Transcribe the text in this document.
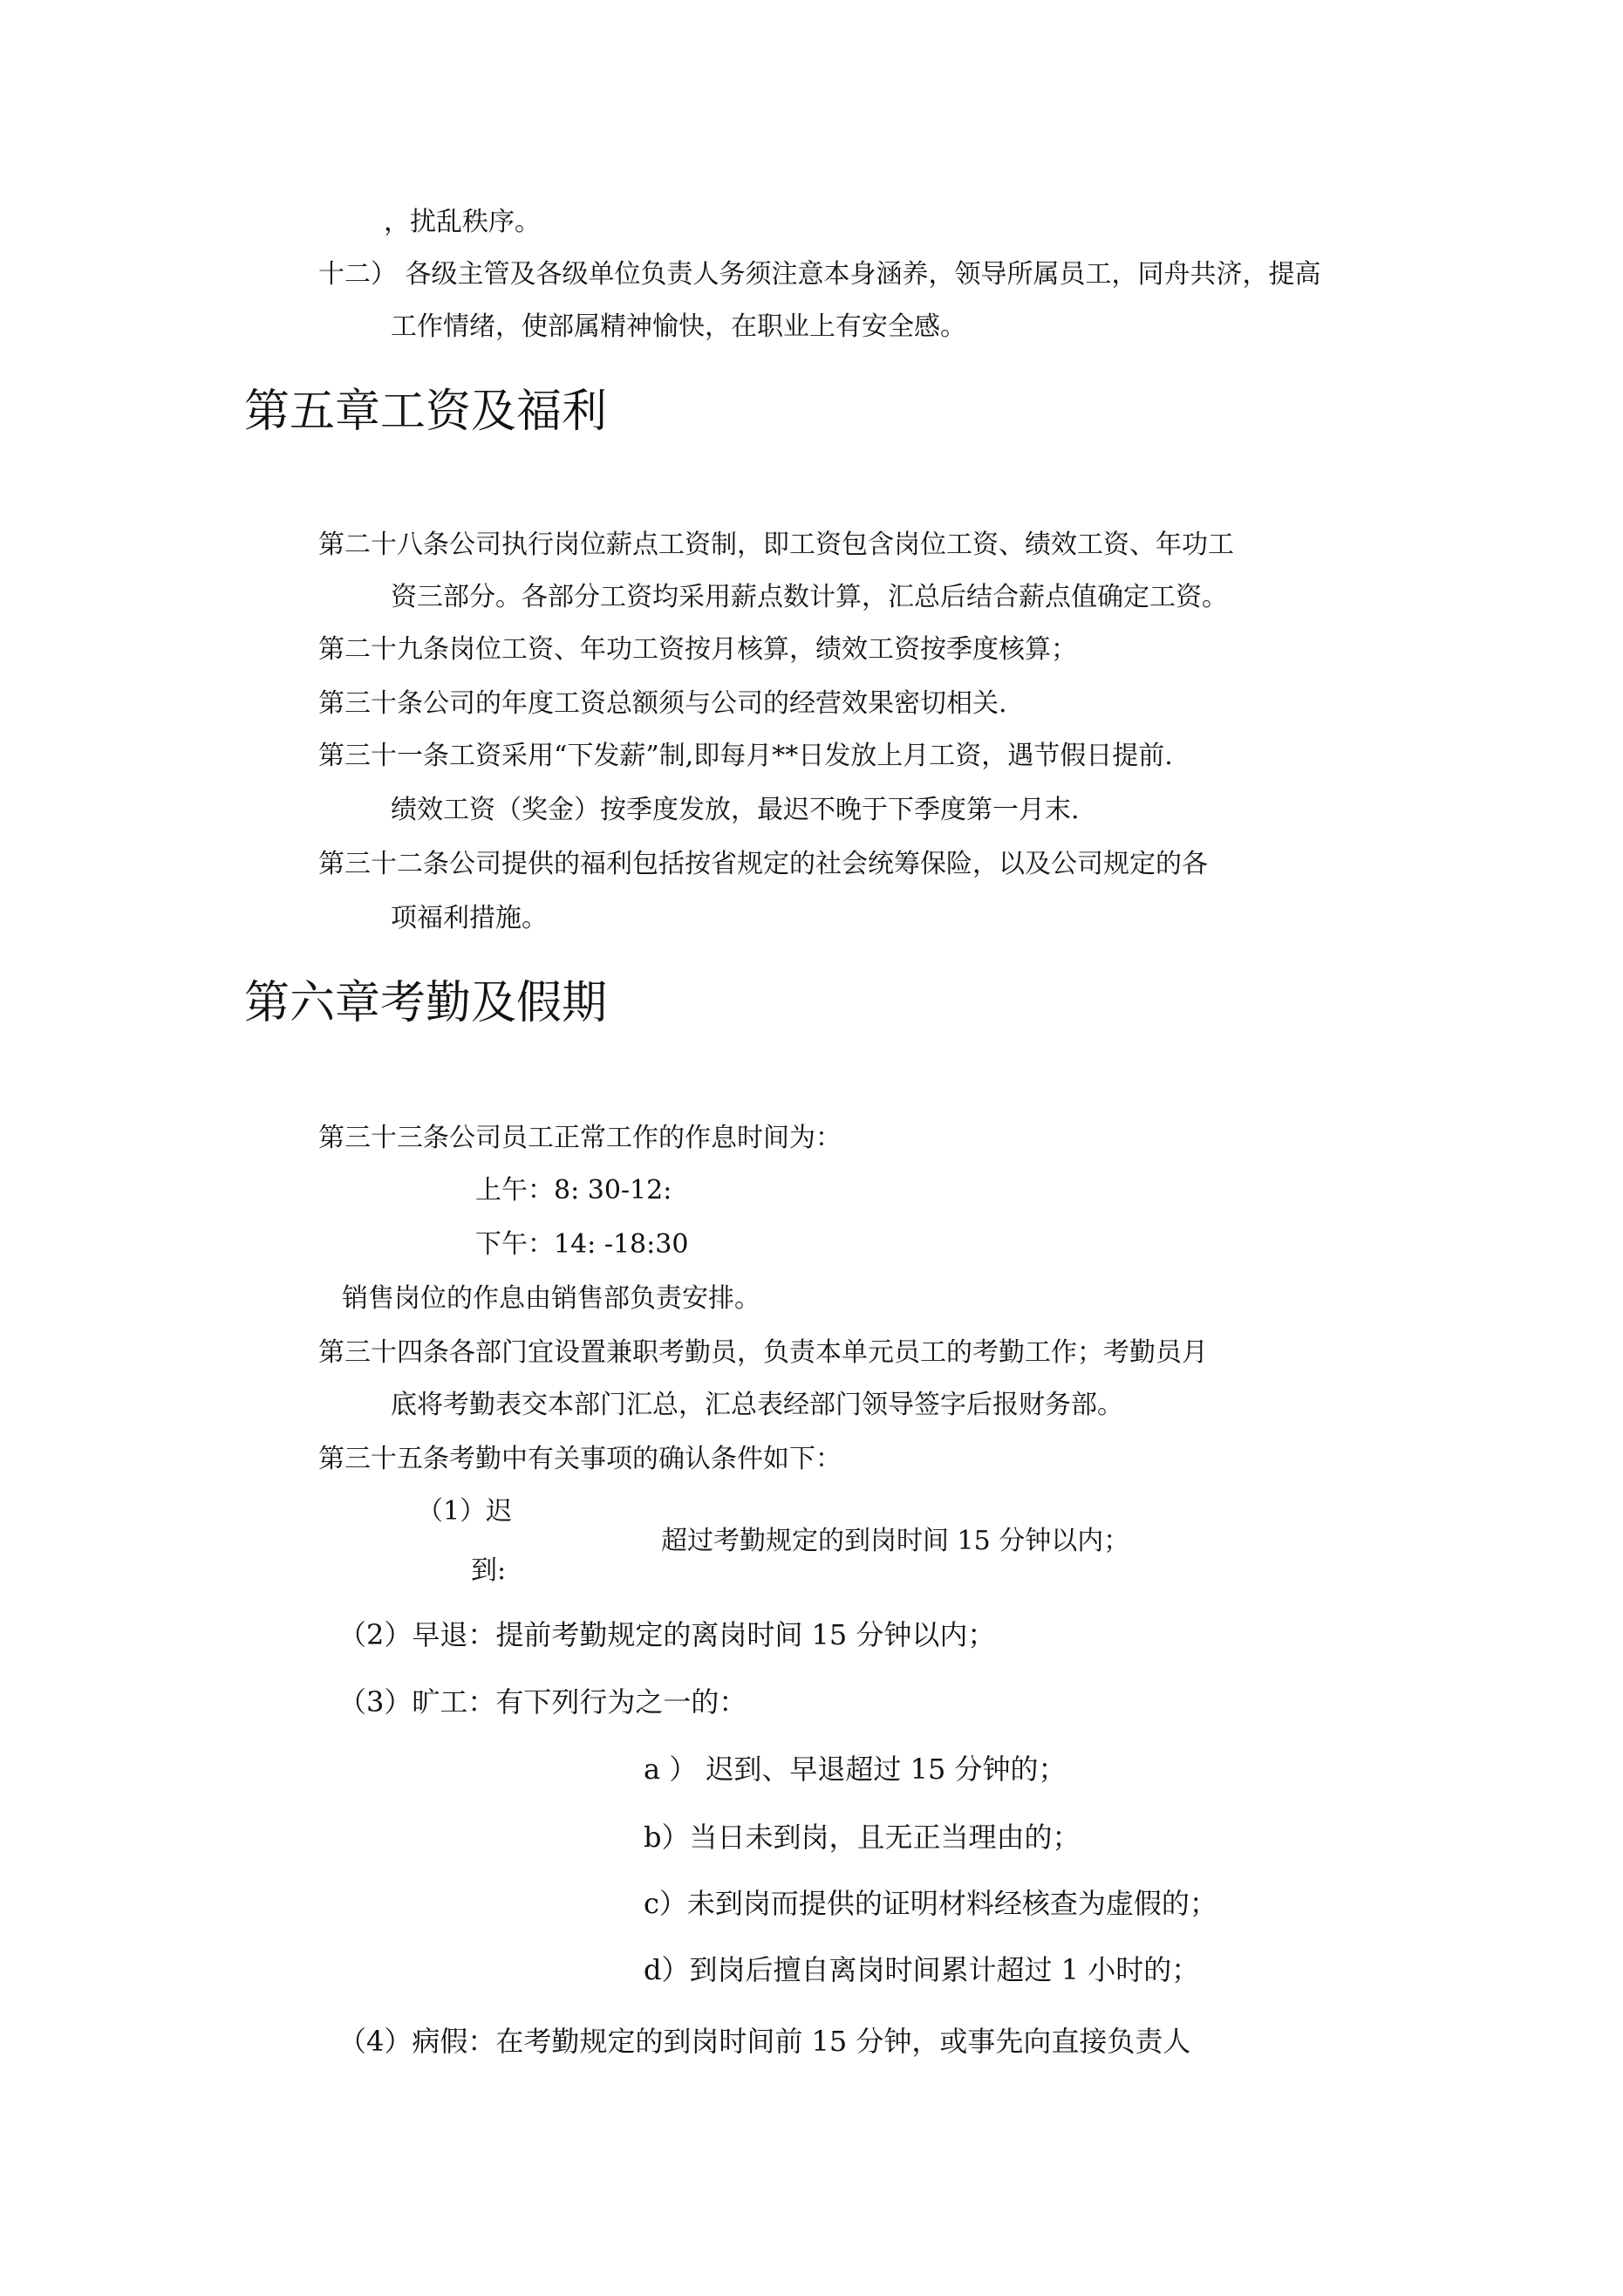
，扰乱秩序。
十二） 各级主管及各级单位负责人务须注意本身涵养，领导所属员工，同舟共济，提高
工作情绪，使部属精神愉快，在职业上有安全感。
第五章工资及福利
第二十八条公司执行岗位薪点工资制，即工资包含岗位工资、绩效工资、年功工
资三部分。各部分工资均采用薪点数计算，汇总后结合薪点值确定工资。
第二十九条岗位工资、年功工资按月核算，绩效工资按季度核算；
第三十条公司的年度工资总额须与公司的经营效果密切相关.
第三十一条工资采用“下发薪”制,即每月**日发放上月工资，遇节假日提前.
绩效工资（奖金）按季度发放，最迟不晚于下季度第一月末.
第三十二条公司提供的福利包括按省规定的社会统筹保险，以及公司规定的各
项福利措施。
第六章考勤及假期
第三十三条公司员工正常工作的作息时间为：
上午：8: 30-12:
下午：14: -18:30
销售岗位的作息由销售部负责安排。
第三十四条各部门宜设置兼职考勤员，负责本单元员工的考勤工作；考勤员月
底将考勤表交本部门汇总，汇总表经部门领导签字后报财务部。
第三十五条考勤中有关事项的确认条件如下：
（1）迟
到:
超过考勤规定的到岗时间 15 分钟以内；
（2）早退：提前考勤规定的离岗时间 15 分钟以内；
（3）旷工：有下列行为之一的：
a ） 迟到、早退超过 15 分钟的；
b）当日未到岗，且无正当理由的；
c）未到岗而提供的证明材料经核查为虚假的；
d）到岗后擅自离岗时间累计超过 1 小时的；
（4）病假：在考勤规定的到岗时间前 15 分钟，或事先向直接负责人
